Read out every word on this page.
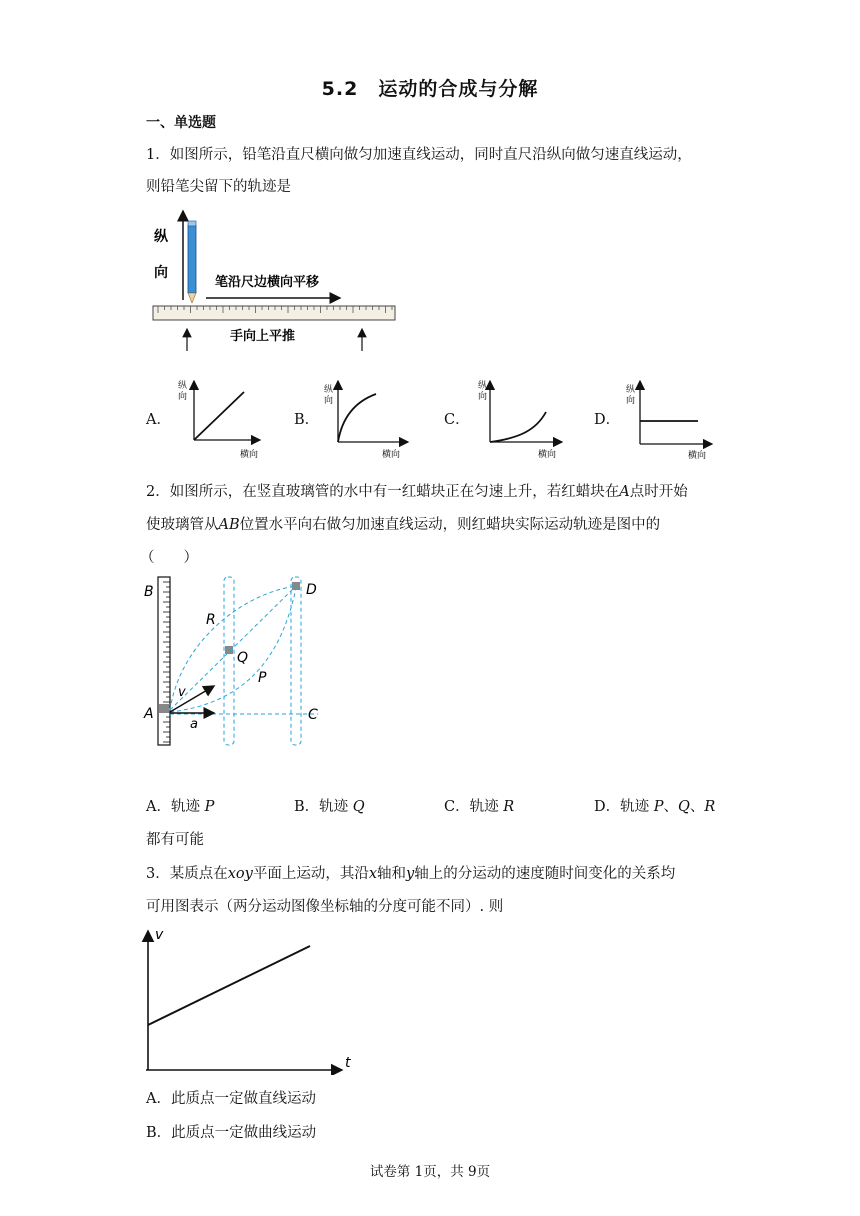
5.2　运动的合成与分解
一、单选题
1．如图所示，铅笔沿直尺横向做匀加速直线运动，同时直尺沿纵向做匀速直线运动，
则铅笔尖留下的轨迹是
纵
向
笔沿尺边横向平移
手向上平推
A．
纵
向
横向
B．
纵
向
横向
C．
纵
向
横向
D．
纵
向
横向
2．如图所示，在竖直玻璃管的水中有一红蜡块正在匀速上升，若红蜡块在A点时开始
使玻璃管从AB位置水平向右做匀加速直线运动，则红蜡块实际运动轨迹是图中的
（　　）
B
R
Q
P
A
v
a
C
D
A．轨迹 P	B．轨迹 Q	C．轨迹 R	D．轨迹 P、Q、R
都有可能
3．某质点在xoy平面上运动，其沿x轴和y轴上的分运动的速度随时间变化的关系均
可用图表示（两分运动图像坐标轴的分度可能不同）. 则
v
t
A．此质点一定做直线运动
B．此质点一定做曲线运动
试卷第 1页，共 9页
